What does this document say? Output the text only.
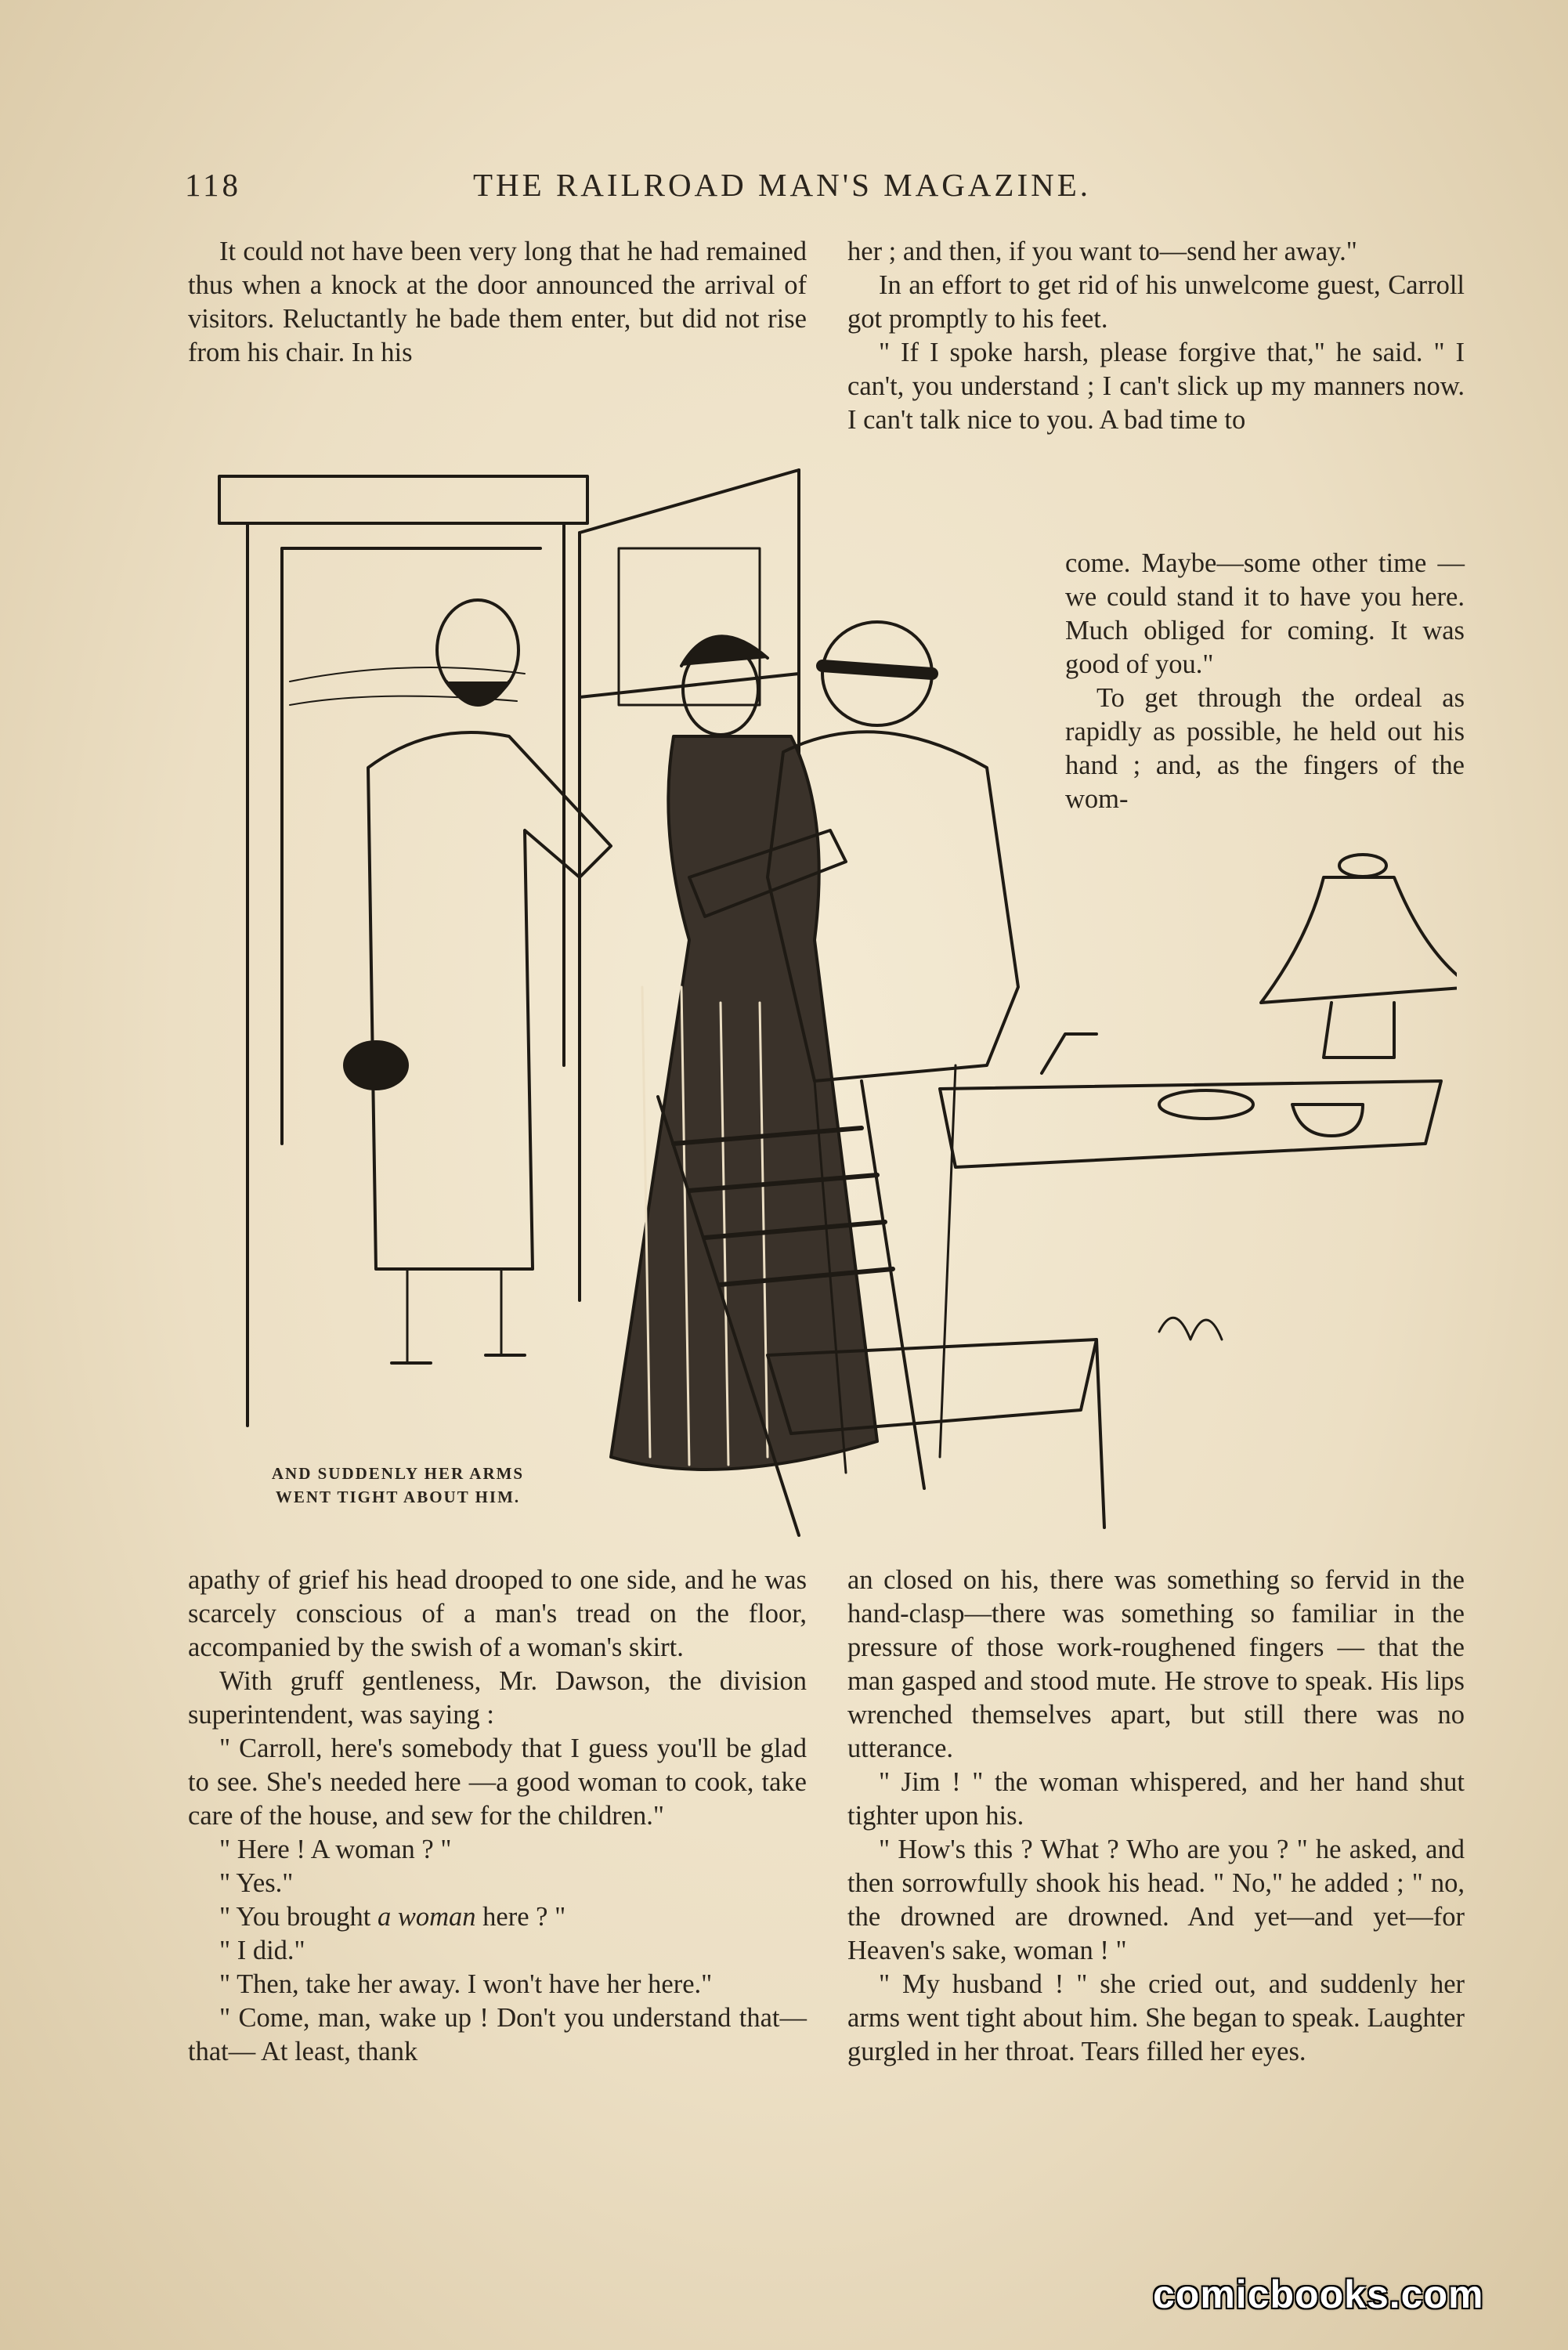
118	THE RAILROAD MAN'S MAGAZINE.

It could not have been very long that he had remained thus when a knock at the door announced the arrival of visitors. Reluctantly he bade them enter, but did not rise from his chair. In his

her ; and then, if you want to—send her away."

In an effort to get rid of his unwelcome guest, Carroll got promptly to his feet.

" If I spoke harsh, please forgive that," he said. " I can't, you understand ; I can't slick up my manners now. I can't talk nice to you. A bad time to

come. Maybe—some other time — we could stand it to have you here. Much obliged for coming. It was good of you."

To get through the ordeal as rapidly as possible, he held out his hand ; and, as the fingers of the wom-

AND SUDDENLY HER ARMS
WENT TIGHT ABOUT HIM.

apathy of grief his head drooped to one side, and he was scarcely conscious of a man's tread on the floor, accompanied by the swish of a woman's skirt.

With gruff gentleness, Mr. Dawson, the division superintendent, was saying :

" Carroll, here's somebody that I guess you'll be glad to see. She's needed here —a good woman to cook, take care of the house, and sew for the children."

" Here ! A woman ? "

" Yes."

" You brought a woman here ? "

" I did."

" Then, take her away. I won't have her here."

" Come, man, wake up ! Don't you understand that—that— At least, thank

an closed on his, there was something so fervid in the hand-clasp—there was something so familiar in the pressure of those work-roughened fingers — that the man gasped and stood mute. He strove to speak. His lips wrenched themselves apart, but still there was no utterance.

" Jim ! " the woman whispered, and her hand shut tighter upon his.

" How's this ? What ? Who are you ? " he asked, and then sorrowfully shook his head. " No," he added ; " no, the drowned are drowned. And yet—and yet—for Heaven's sake, woman ! "

" My husband ! " she cried out, and suddenly her arms went tight about him. She began to speak. Laughter gurgled in her throat. Tears filled her eyes.

comicbooks.com
